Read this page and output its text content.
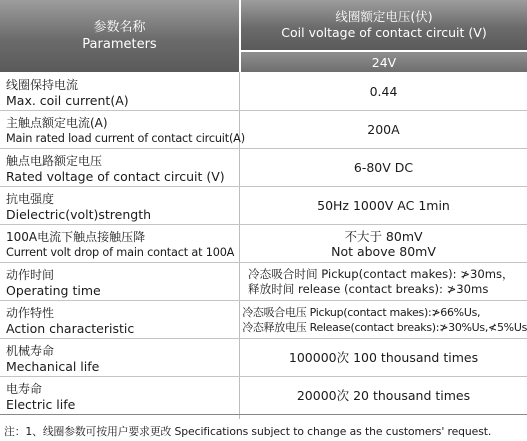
参数名称
Parameters
线圈额定电压(伏)
Coil voltage of contact circuit (V)
24V
线圈保持电流
Max. coil current(A)
0.44
主触点额定电流(A)
Main rated load current of contact circuit(A)
200A
触点电路额定电压
Rated voltage of contact circuit (V)
6-80V DC
抗电强度
Dielectric(volt)strength
50Hz 1000V AC 1min
100A电流下触点接触压降
Current volt drop of main contact at 100A
不大于 80mV
Not above 80mV
动作时间
Operating time
冷态吸合时间 Pickup(contact makes): ≯30ms，
释放时间 release (contact breaks): ≯30ms
动作特性
Action characteristic
冷态吸合电压 Pickup(contact makes):≯66%Us,
冷态释放电压 Release(contact breaks):≯30%Us,≮5%Us
机械寿命
Mechanical life
100000次 100 thousand times
电寿命
Electric life
20000次 20 thousand times
注：1、线圈参数可按用户要求更改 Specifications subject to change as the customers' request.
